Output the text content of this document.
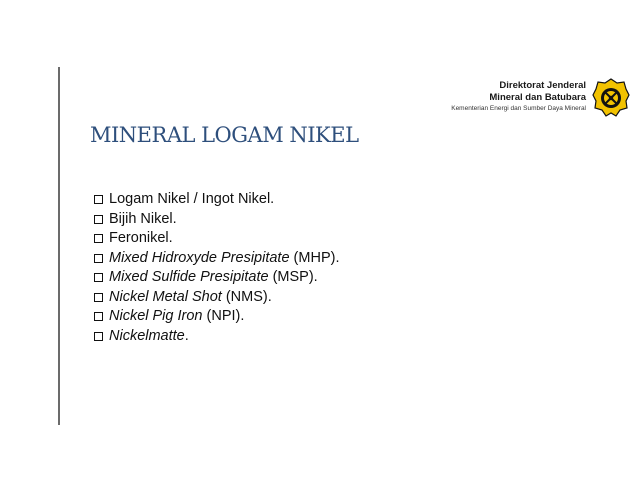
Direktorat Jenderal
Mineral dan Batubara
Kementerian Energi dan Sumber Daya Mineral
MINERAL LOGAM NIKEL
Logam Nikel / Ingot Nikel.
Bijih Nikel.
Feronikel.
Mixed Hidroxyde Presipitate (MHP).
Mixed Sulfide Presipitate (MSP).
Nickel Metal Shot (NMS).
Nickel Pig Iron (NPI).
Nickelmatte.
